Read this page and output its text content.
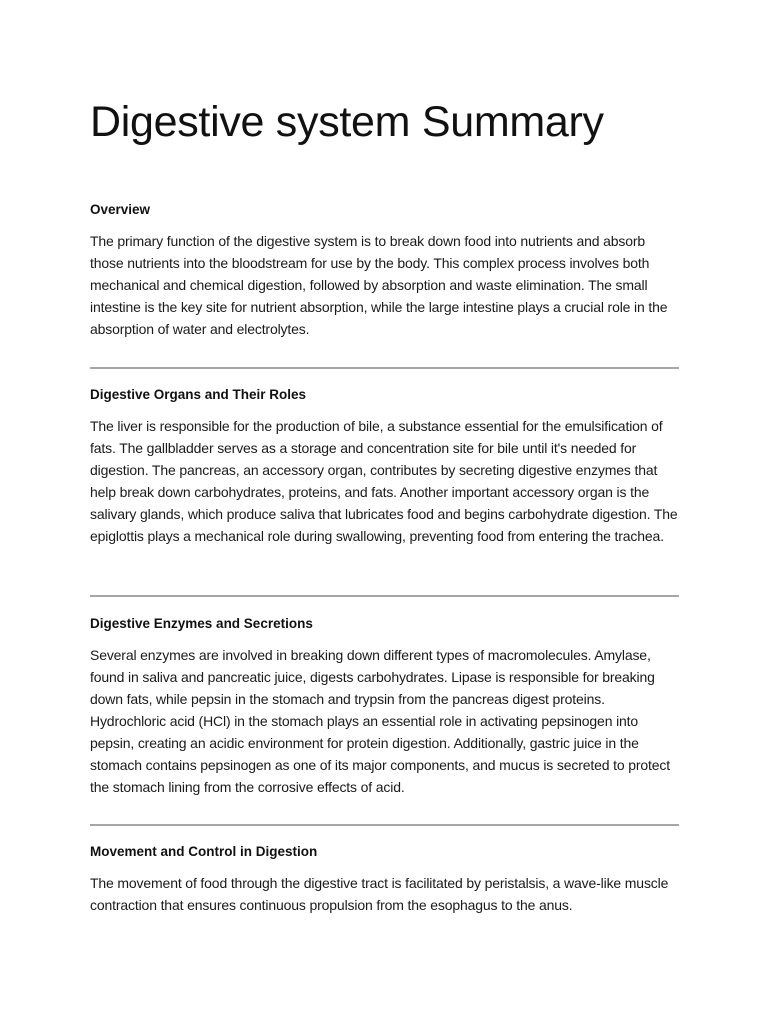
Digestive system Summary
Overview

The primary function of the digestive system is to break down food into nutrients and absorb those nutrients into the bloodstream for use by the body. This complex process involves both mechanical and chemical digestion, followed by absorption and waste elimination. The small intestine is the key site for nutrient absorption, while the large intestine plays a crucial role in the absorption of water and electrolytes.

Digestive Organs and Their Roles

The liver is responsible for the production of bile, a substance essential for the emulsification of fats. The gallbladder serves as a storage and concentration site for bile until it's needed for digestion. The pancreas, an accessory organ, contributes by secreting digestive enzymes that help break down carbohydrates, proteins, and fats. Another important accessory organ is the salivary glands, which produce saliva that lubricates food and begins carbohydrate digestion. The epiglottis plays a mechanical role during swallowing, preventing food from entering the trachea.

Digestive Enzymes and Secretions

Several enzymes are involved in breaking down different types of macromolecules. Amylase, found in saliva and pancreatic juice, digests carbohydrates. Lipase is responsible for breaking down fats, while pepsin in the stomach and trypsin from the pancreas digest proteins. Hydrochloric acid (HCl) in the stomach plays an essential role in activating pepsinogen into pepsin, creating an acidic environment for protein digestion. Additionally, gastric juice in the stomach contains pepsinogen as one of its major components, and mucus is secreted to protect the stomach lining from the corrosive effects of acid.

Movement and Control in Digestion

The movement of food through the digestive tract is facilitated by peristalsis, a wave-like muscle contraction that ensures continuous propulsion from the esophagus to the anus.
